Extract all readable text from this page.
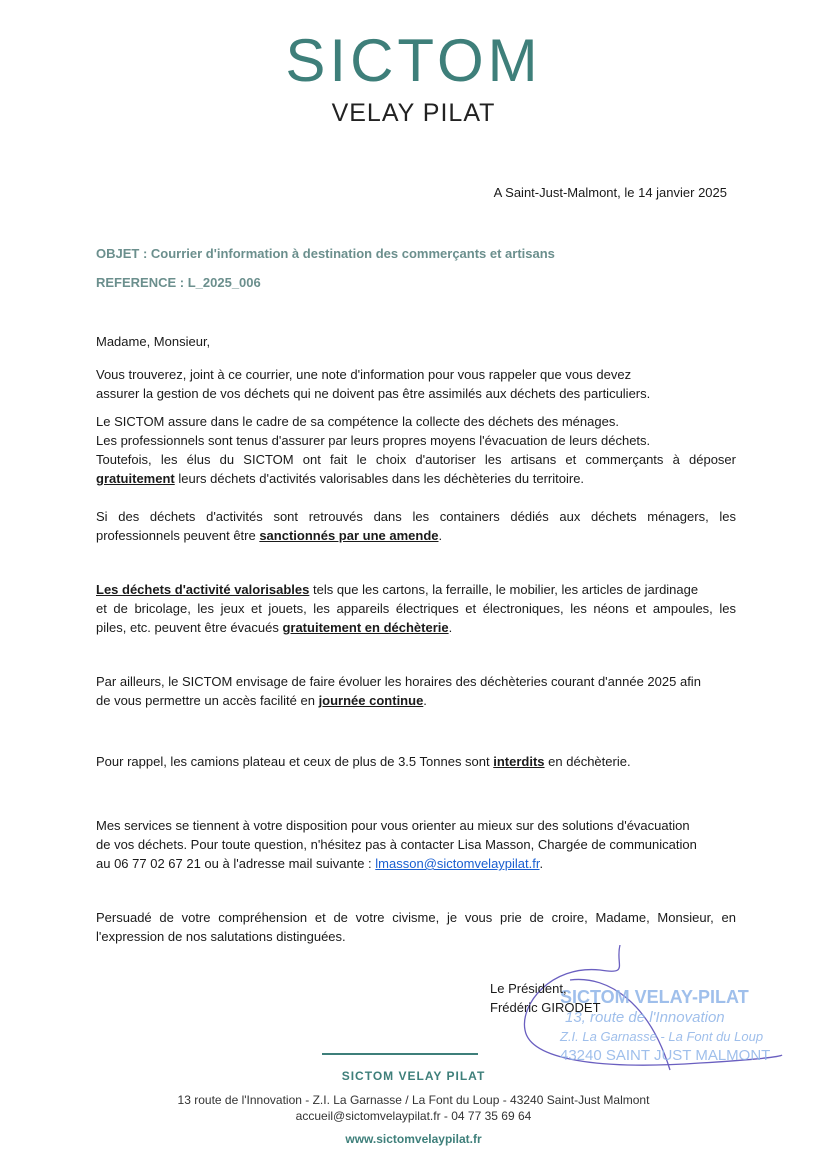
SICTOM
VELAY PILAT
A Saint-Just-Malmont, le 14 janvier 2025
OBJET : Courrier d'information à destination des commerçants et artisans
REFERENCE : L_2025_006
Madame, Monsieur,
Vous trouverez, joint à ce courrier, une note d'information pour vous rappeler que vous devez
assurer la gestion de vos déchets qui ne doivent pas être assimilés aux déchets des particuliers.
Le SICTOM assure dans le cadre de sa compétence la collecte des déchets des ménages.
Les professionnels sont tenus d'assurer par leurs propres moyens l'évacuation de leurs déchets.
Toutefois, les élus du SICTOM ont fait le choix d'autoriser les artisans et commerçants à déposer
gratuitement leurs déchets d'activités valorisables dans les déchèteries du territoire.
Si des déchets d'activités sont retrouvés dans les containers dédiés aux déchets ménagers, les
professionnels peuvent être sanctionnés par une amende.
Les déchets d'activité valorisables tels que les cartons, la ferraille, le mobilier, les articles de jardinage
et de bricolage, les jeux et jouets, les appareils électriques et électroniques, les néons et ampoules, les
piles, etc. peuvent être évacués gratuitement en déchèterie.
Par ailleurs, le SICTOM envisage de faire évoluer les horaires des déchèteries courant d'année 2025 afin
de vous permettre un accès facilité en journée continue.
Pour rappel, les camions plateau et ceux de plus de 3.5 Tonnes sont interdits en déchèterie.
Mes services se tiennent à votre disposition pour vous orienter au mieux sur des solutions d'évacuation
de vos déchets. Pour toute question, n'hésitez pas à contacter Lisa Masson, Chargée de communication
au 06 77 02 67 21 ou à l'adresse mail suivante : lmasson@sictomvelaypilat.fr.
Persuadé de votre compréhension et de votre civisme, je vous prie de croire, Madame, Monsieur, en
l'expression de nos salutations distinguées.
SICTOM VELAY-PILAT
13, route de l'Innovation
Z.I. La Garnasse - La Font du Loup
43240 SAINT JUST MALMONT
Le Président,
Frédéric GIRODET
SICTOM VELAY PILAT
13 route de l'Innovation - Z.I. La Garnasse / La Font du Loup - 43240 Saint-Just Malmont
accueil@sictomvelaypilat.fr - 04 77 35 69 64
www.sictomvelaypilat.fr
